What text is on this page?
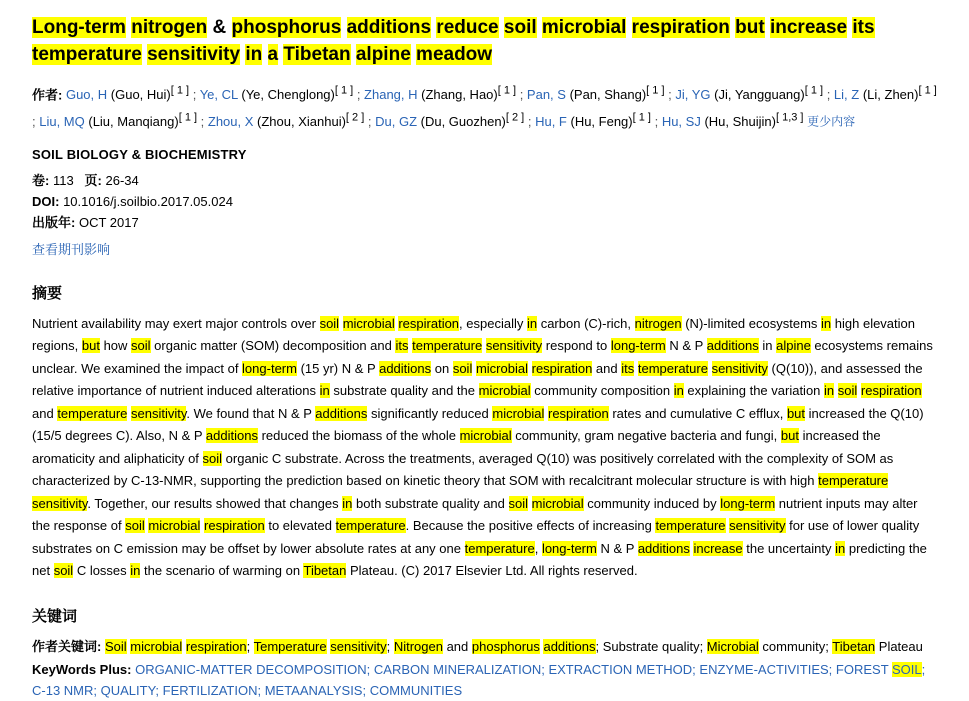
Long-term nitrogen & phosphorus additions reduce soil microbial respiration but increase its temperature sensitivity in a Tibetan alpine meadow
作者: Guo, H (Guo, Hui)[ 1 ] ; Ye, CL (Ye, Chenglong)[ 1 ] ; Zhang, H (Zhang, Hao)[ 1 ] ; Pan, S (Pan, Shang)[ 1 ] ; Ji, YG (Ji, Yangguang)[ 1 ] ; Li, Z (Li, Zhen)[ 1 ] ; Liu, MQ (Liu, Manqiang)[ 1 ] ; Zhou, X (Zhou, Xianhui)[ 2 ] ; Du, GZ (Du, Guozhen)[ 2 ] ; Hu, F (Hu, Feng)[ 1 ] ; Hu, SJ (Hu, Shuijin)[ 1,3 ] 更少内容
SOIL BIOLOGY & BIOCHEMISTRY
卷: 113 页: 26-34
DOI: 10.1016/j.soilbio.2017.05.024
出版年: OCT 2017
查看期刊影响
摘要
Nutrient availability may exert major controls over soil microbial respiration, especially in carbon (C)-rich, nitrogen (N)-limited ecosystems in high elevation regions, but how soil organic matter (SOM) decomposition and its temperature sensitivity respond to long-term N & P additions in alpine ecosystems remains unclear. We examined the impact of long-term (15 yr) N & P additions on soil microbial respiration and its temperature sensitivity (Q(10)), and assessed the relative importance of nutrient induced alterations in substrate quality and the microbial community composition in explaining the variation in soil respiration and temperature sensitivity. We found that N & P additions significantly reduced microbial respiration rates and cumulative C efflux, but increased the Q(10) (15/5 degrees C). Also, N & P additions reduced the biomass of the whole microbial community, gram negative bacteria and fungi, but increased the aromaticity and aliphaticity of soil organic C substrate. Across the treatments, averaged Q(10) was positively correlated with the complexity of SOM as characterized by C-13-NMR, supporting the prediction based on kinetic theory that SOM with recalcitrant molecular structure is with high temperature sensitivity. Together, our results showed that changes in both substrate quality and soil microbial community induced by long-term nutrient inputs may alter the response of soil microbial respiration to elevated temperature. Because the positive effects of increasing temperature sensitivity for use of lower quality substrates on C emission may be offset by lower absolute rates at any one temperature, long-term N & P additions increase the uncertainty in predicting the net soil C losses in the scenario of warming on Tibetan Plateau. (C) 2017 Elsevier Ltd. All rights reserved.
关键词
作者关键词: Soil microbial respiration; Temperature sensitivity; Nitrogen and phosphorus additions; Substrate quality; Microbial community; Tibetan Plateau
KeyWords Plus: ORGANIC-MATTER DECOMPOSITION; CARBON MINERALIZATION; EXTRACTION METHOD; ENZYME-ACTIVITIES; FOREST SOIL; C-13 NMR; QUALITY; FERTILIZATION; METAANALYSIS; COMMUNITIES
